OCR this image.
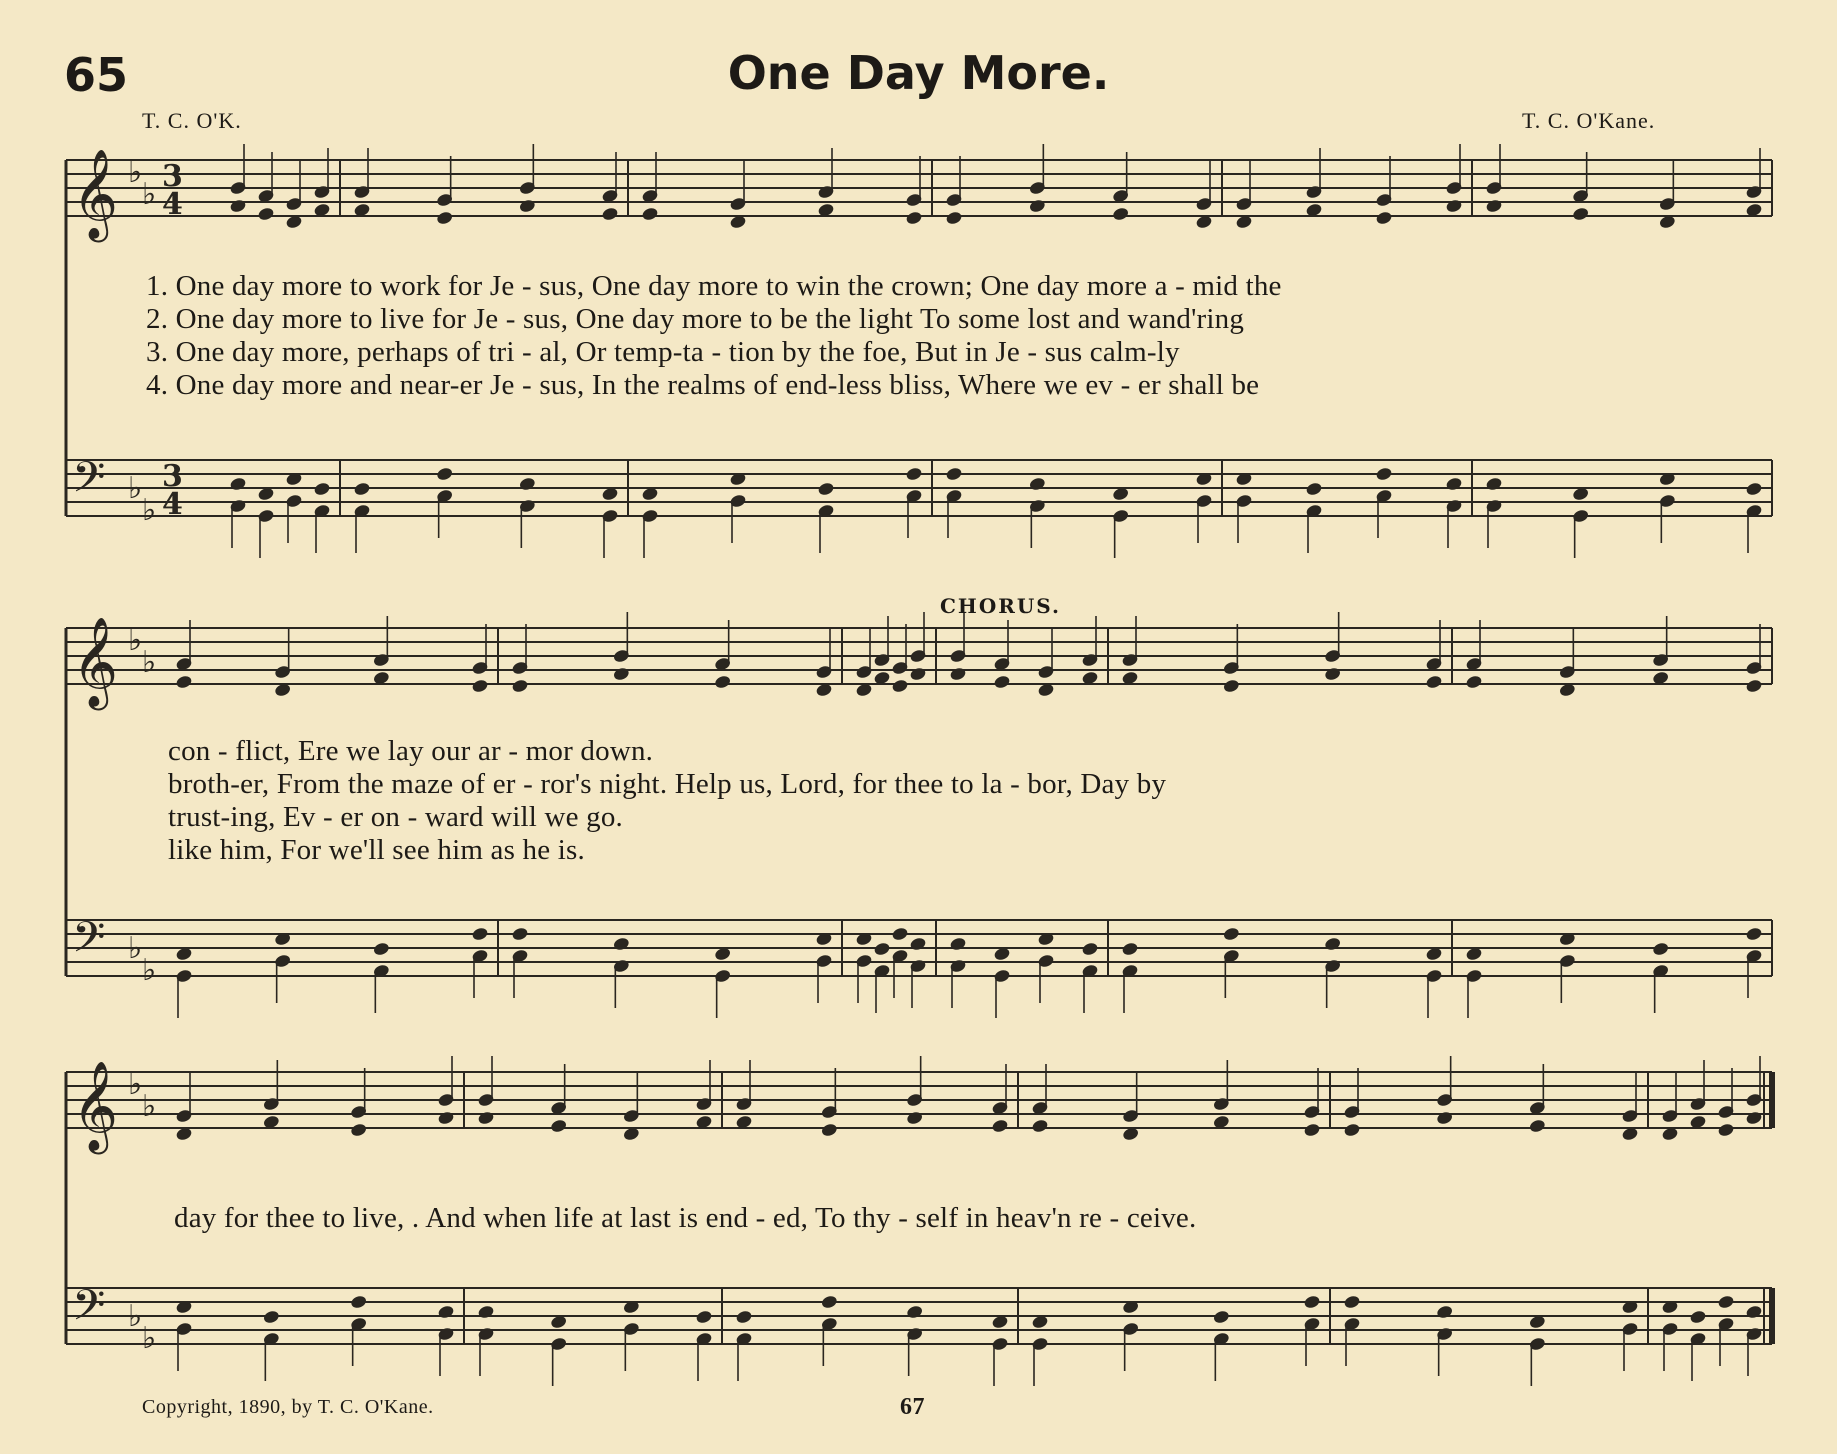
65	One Day More.
T. C. O'K.	T. C. O'Kane.
𝄞 ♭
♭
3
4
𝄢 ♭
♭
3
4
𝄞 ♭
♭
𝄢 ♭
♭
𝄞 ♭
♭
𝄢 ♭
♭
1. One day more to work for Je - sus, One day more to win the crown; One day more a - mid the
2. One day more to live for Je - sus, One day more to be the light To some lost and wand'ring
3. One day more, perhaps of tri - al, Or temp-ta - tion by the foe, But in Je - sus calm-ly
4. One day more and near-er Je - sus, In the realms of end-less bliss, Where we ev - er shall be
CHORUS.
con - flict, Ere we lay our ar - mor down.
broth-er, From the maze of er - ror's night. Help us, Lord, for thee to la - bor, Day by
trust-ing, Ev - er on - ward will we go.
like him, For we'll see him as he is.
day for thee to live, . And when life at last is end - ed, To thy - self in heav'n re - ceive.
Copyright, 1890, by T. C. O'Kane.	67
